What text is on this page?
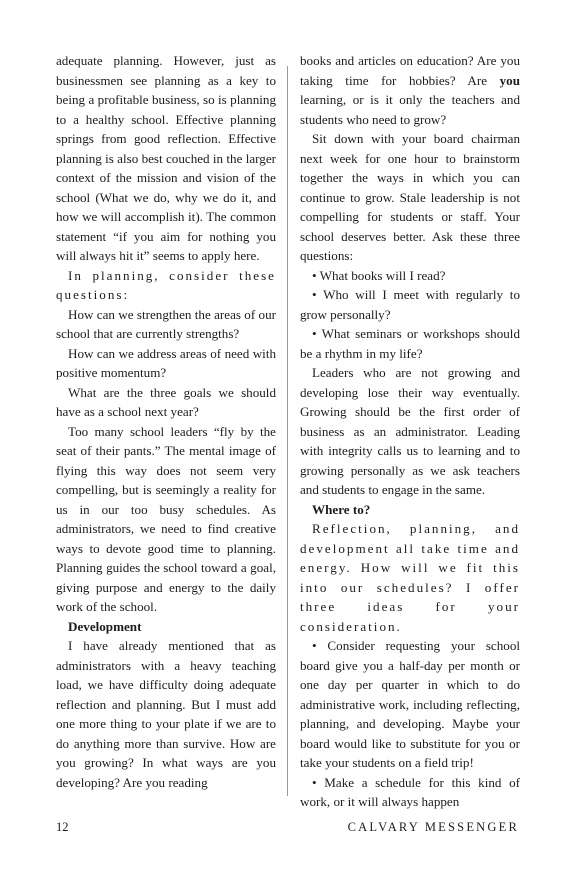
adequate planning. However, just as businessmen see planning as a key to being a profitable business, so is planning to a healthy school. Effective planning springs from good reflection. Effective planning is also best couched in the larger context of the mission and vision of the school (What we do, why we do it, and how we will accomplish it). The common statement “if you aim for nothing you will always hit it” seems to apply here.

In planning, consider these questions:

How can we strengthen the areas of our school that are currently strengths?

How can we address areas of need with positive momentum?

What are the three goals we should have as a school next year?

Too many school leaders “fly by the seat of their pants.” The mental image of flying this way does not seem very compelling, but is seemingly a reality for us in our too busy schedules. As administrators, we need to find creative ways to devote good time to planning. Planning guides the school toward a goal, giving purpose and energy to the daily work of the school.

Development

I have already mentioned that as administrators with a heavy teaching load, we have difficulty doing adequate reflection and planning. But I must add one more thing to your plate if we are to do anything more than survive. How are you growing? In what ways are you developing? Are you reading

books and articles on education? Are you taking time for hobbies? Are you learning, or is it only the teachers and students who need to grow?

Sit down with your board chairman next week for one hour to brainstorm together the ways in which you can continue to grow. Stale leadership is not compelling for students or staff. Your school deserves better. Ask these three questions:

• What books will I read?

• Who will I meet with regularly to grow personally?

• What seminars or workshops should be a rhythm in my life?

Leaders who are not growing and developing lose their way eventually. Growing should be the first order of business as an administrator. Leading with integrity calls us to learning and to growing personally as we ask teachers and students to engage in the same.

Where to?

Reflection, planning, and development all take time and energy. How will we fit this into our schedules? I offer three ideas for your consideration.

• Consider requesting your school board give you a half-day per month or one day per quarter in which to do administrative work, including reflecting, planning, and developing. Maybe your board would like to substitute for you or take your students on a field trip!

• Make a schedule for this kind of work, or it will always happen

12	CALVARY MESSENGER
